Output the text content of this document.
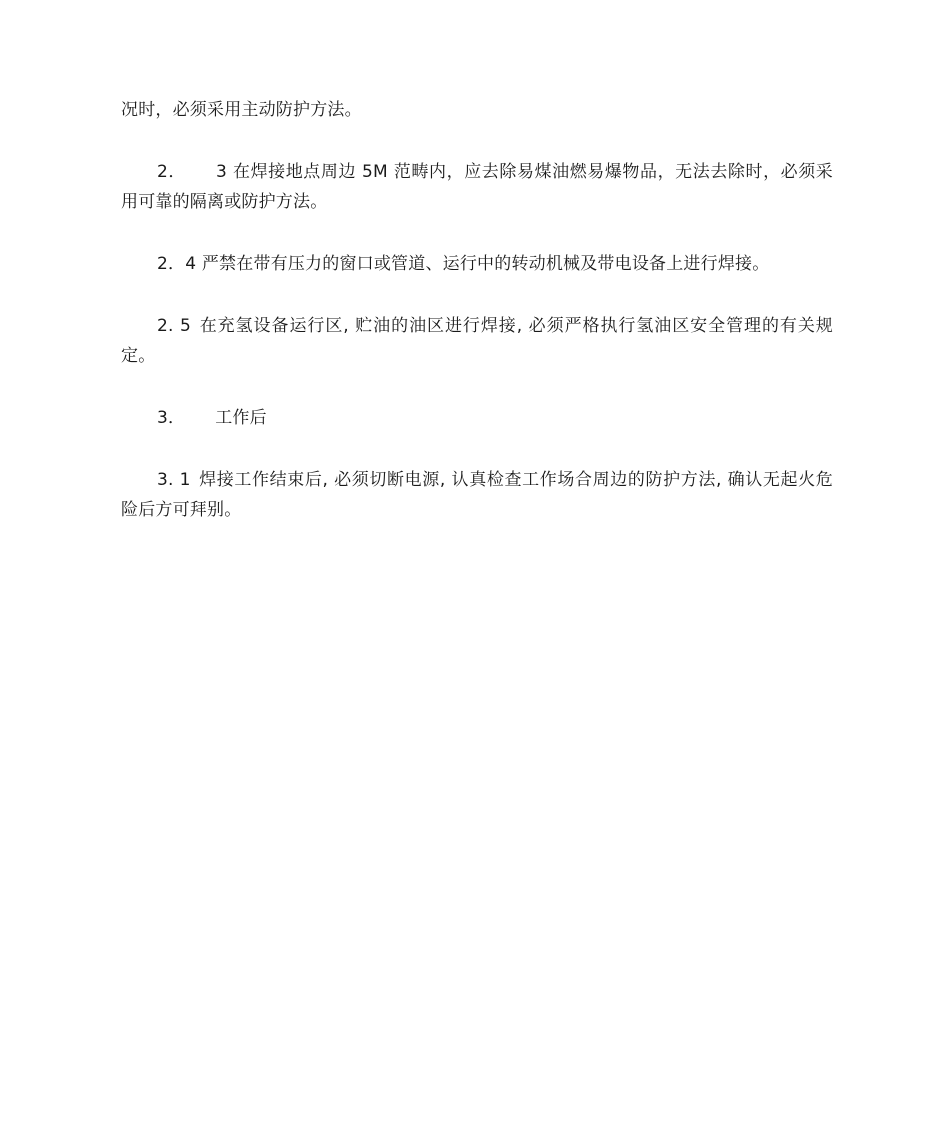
况时，必须采用主动防护方法。

2． 3 在焊接地点周边 5M 范畴内，应去除易煤油燃易爆物品，无法去除时，必须采用可靠的隔离或防护方法。

2．4 严禁在带有压力的窗口或管道、运行中的转动机械及带电设备上进行焊接。

2. 5 在充氢设备运行区, 贮油的油区进行焊接, 必须严格执行氢油区安全管理的有关规定。

3． 工作后

3. 1 焊接工作结束后, 必须切断电源, 认真检查工作场合周边的防护方法, 确认无起火危险后方可拜别。
